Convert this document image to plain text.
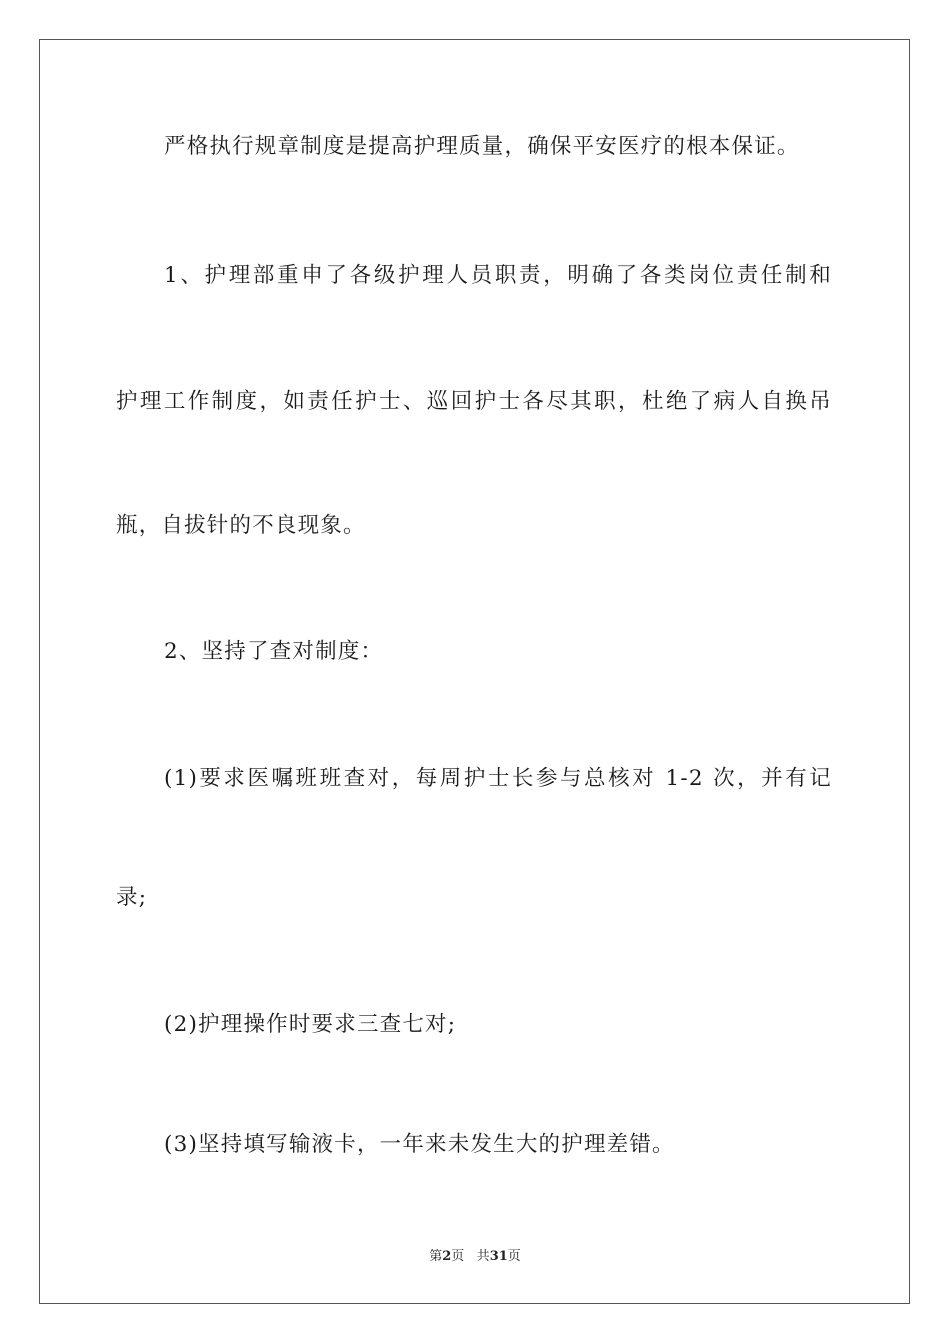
严格执行规章制度是提高护理质量，确保平安医疗的根本保证。
1、护理部重申了各级护理人员职责，明确了各类岗位责任制和
护理工作制度，如责任护士、巡回护士各尽其职，杜绝了病人自换吊
瓶，自拔针的不良现象。
2、坚持了查对制度：
(1)要求医嘱班班查对，每周护士长参与总核对 1-2 次，并有记
录;
(2)护理操作时要求三查七对;
(3)坚持填写输液卡，一年来未发生大的护理差错。
第2页 共31页
